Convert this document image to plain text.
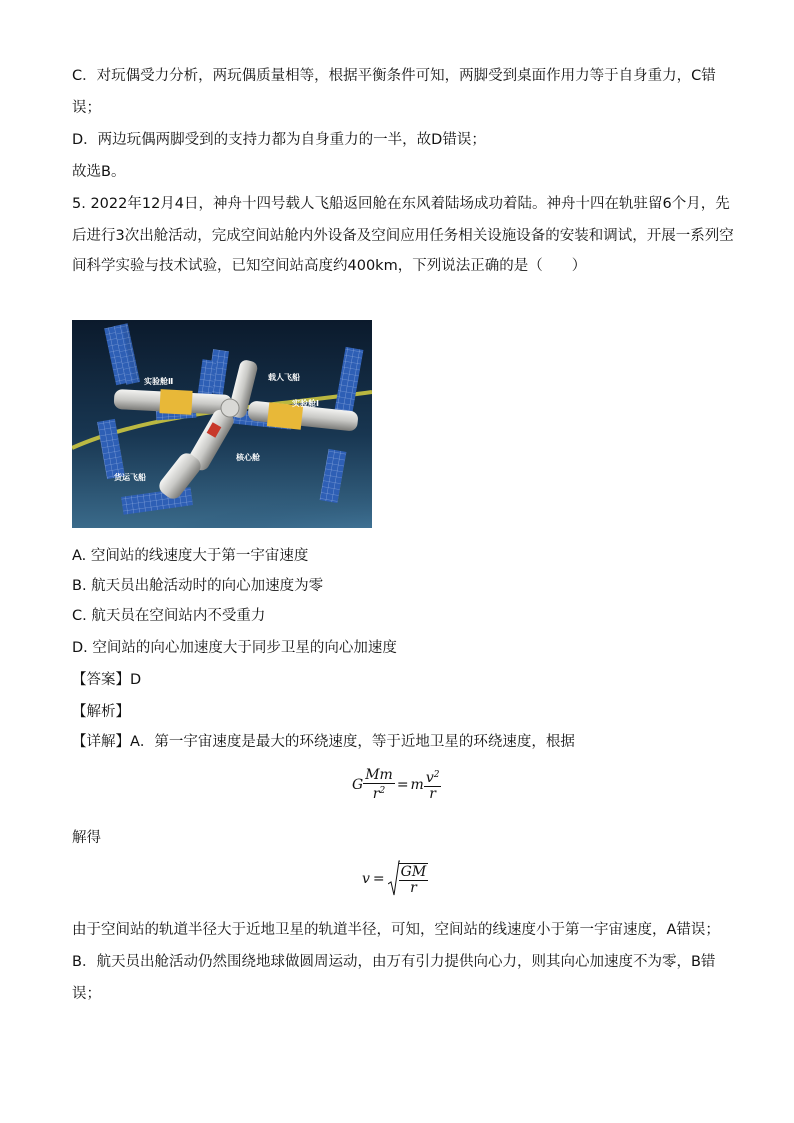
C．对玩偶受力分析，两玩偶质量相等，根据平衡条件可知，两脚受到桌面作用力等于自身重力，C错
误；
D．两边玩偶两脚受到的支持力都为自身重力的一半，故D错误；
故选B。
5. 2022年12月4日，神舟十四号载人飞船返回舱在东风着陆场成功着陆。神舟十四在轨驻留6个月，先
后进行3次出舱活动，完成空间站舱内外设备及空间应用任务相关设施设备的安装和调试，开展一系列空
间科学实验与技术试验，已知空间站高度约400km，下列说法正确的是（　　）
实验舱Ⅱ	载人飞船
实验舱Ⅰ
核心舱
货运飞船
A. 空间站的线速度大于第一宇宙速度
B. 航天员出舱活动时的向心加速度为零
C. 航天员在空间站内不受重力
D. 空间站的向心加速度大于同步卫星的向心加速度
【答案】D
【解析】
【详解】A．第一宇宙速度是最大的环绕速度，等于近地卫星的环绕速度，根据
G $\frac{Mm}{r^2} = m \frac{v^2}{r}$
解得
$v = \frac{GM}{r}$
由于空间站的轨道半径大于近地卫星的轨道半径，可知，空间站的线速度小于第一宇宙速度，A错误；
B．航天员出舱活动仍然围绕地球做圆周运动，由万有引力提供向心力，则其向心加速度不为零，B错
误；
